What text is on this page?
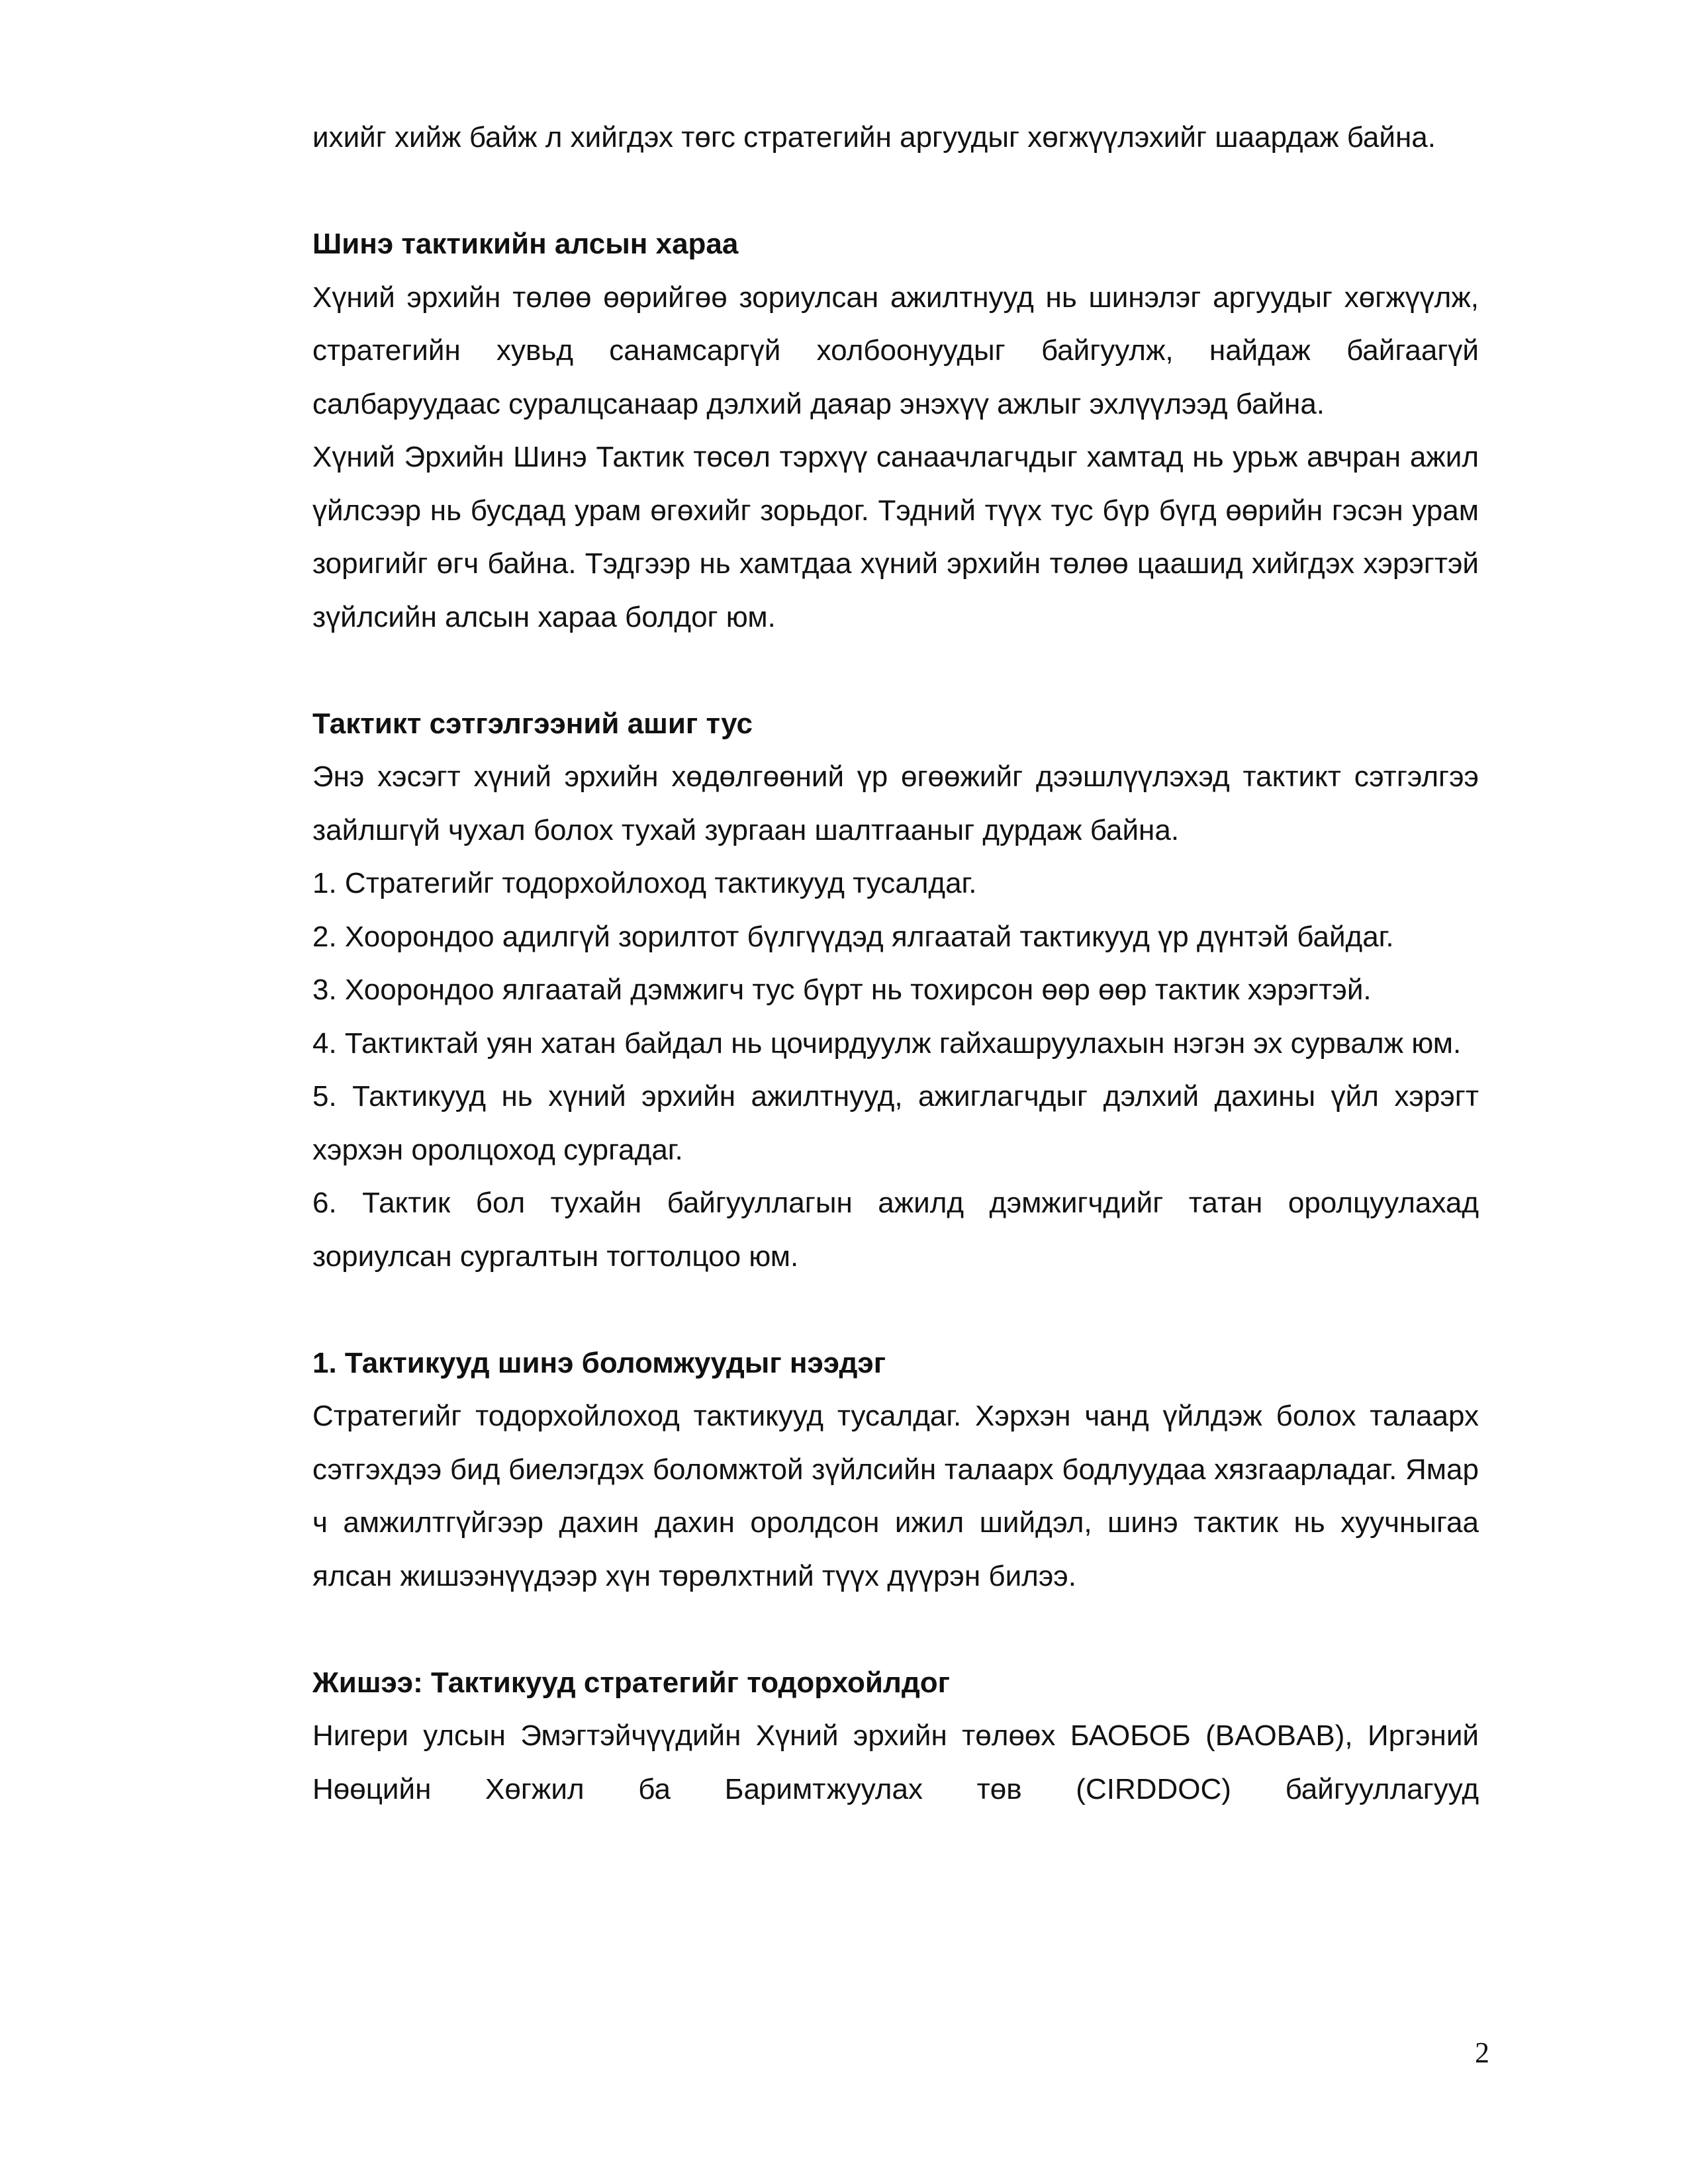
ихийг хийж байж л хийгдэх төгс стратегийн аргуудыг хөгжүүлэхийг шаардаж байна.

Шинэ тактикийн алсын хараа

Хүний эрхийн төлөө өөрийгөө зориулсан ажилтнууд нь шинэлэг аргуудыг хөгжүүлж, стратегийн хувьд санамсаргүй холбоонуудыг байгуулж, найдаж байгаагүй салбаруудаас суралцсанаар дэлхий даяар энэхүү ажлыг эхлүүлээд байна.

Хүний Эрхийн Шинэ Тактик төсөл тэрхүү санаачлагчдыг хамтад нь урьж авчран ажил үйлсээр нь бусдад урам өгөхийг зорьдог. Тэдний түүх тус бүр бүгд өөрийн гэсэн урам зоригийг өгч байна. Тэдгээр нь хамтдаа хүний эрхийн төлөө цаашид хийгдэх хэрэгтэй зүйлсийн алсын хараа болдог юм.

Тактикт сэтгэлгээний ашиг тус

Энэ хэсэгт хүний эрхийн хөдөлгөөний үр өгөөжийг дээшлүүлэхэд тактикт сэтгэлгээ зайлшгүй чухал болох тухай зургаан шалтгааныг дурдаж байна.

1. Стратегийг тодорхойлоход тактикууд тусалдаг.

2. Хоорондоо адилгүй зорилтот бүлгүүдэд ялгаатай тактикууд үр дүнтэй байдаг.

3. Хоорондоо ялгаатай дэмжигч тус бүрт нь тохирсон өөр өөр тактик хэрэгтэй.

4. Тактиктай уян хатан байдал нь цочирдуулж гайхашруулахын нэгэн эх сурвалж юм.

5. Тактикууд нь хүний эрхийн ажилтнууд, ажиглагчдыг дэлхий дахины үйл хэрэгт хэрхэн оролцоход сургадаг.

6. Тактик бол тухайн байгууллагын ажилд дэмжигчдийг татан оролцуулахад зориулсан сургалтын тогтолцоо юм.

1. Тактикууд шинэ боломжуудыг нээдэг

Стратегийг тодорхойлоход тактикууд тусалдаг. Хэрхэн чанд үйлдэж болох талаарх сэтгэхдээ бид биелэгдэх боломжтой зүйлсийн талаарх бодлуудаа хязгаарладаг. Ямар ч амжилтгүйгээр дахин дахин оролдсон ижил шийдэл, шинэ тактик нь хуучныгаа ялсан жишээнүүдээр хүн төрөлхтний түүх дүүрэн билээ.

Жишээ: Тактикууд стратегийг тодорхойлдог

Нигери улсын Эмэгтэйчүүдийн Хүний эрхийн төлөөх БАОБОБ (BAOBAB), Иргэний Нөөцийн Хөгжил ба Баримтжуулах төв (CIRDDOC) байгууллагууд

2
